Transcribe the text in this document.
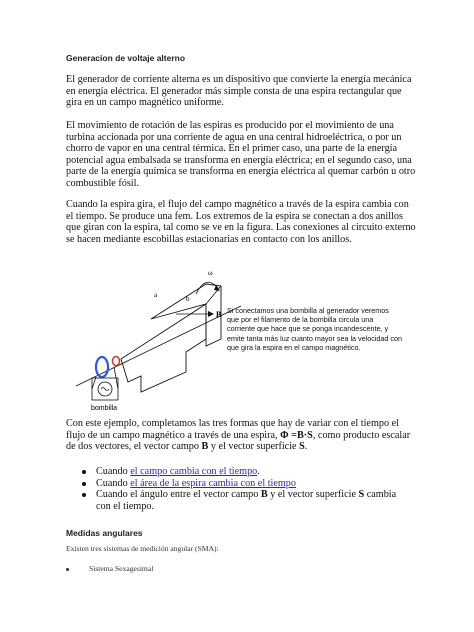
Generacion de voltaje alterno

El generador de corriente alterna es un dispositivo que convierte la energía mecánica en energía eléctrica. El generador más simple consta de una espira rectangular que gira en un campo magnético uniforme.

El movimiento de rotación de las espiras es producido por el movimiento de una turbina accionada por una corriente de agua en una central hidroeléctrica, o por un chorro de vapor en una central térmica. En el primer caso, una parte de la energía potencial agua embalsada se transforma en energía eléctrica; en el segundo caso, una parte de la energía química se transforma en energía eléctrica al quemar carbón u otro combustible fósil.

Cuando la espira gira, el flujo del campo magnético a través de la espira cambia con el tiempo. Se produce una fem. Los extremos de la espira se conectan a dos anillos que giran con la espira, tal como se ve en la figura. Las conexiones al circuito externo se hacen mediante escobillas estacionarias en contacto con los anillos.

B
ω
a	b
bombilla
Si conectamos una bombilla al generador veremos que por el filamento de la bombilla circula una corriente que hace que se ponga incandescente, y emite tanta más luz cuanto mayor sea la velocidad con que gira la espira en el campo magnético.

Con este ejemplo, completamos las tres formas que hay de variar con el tiempo el flujo de un campo magnético a través de una espira, Φ =B·S, como producto escalar de dos vectores, el vector campo B y el vector superficie S.

Cuando el campo cambia con el tiempo.
Cuando el área de la espira cambia con el tiempo
Cuando el ángulo entre el vector campo B y el vector superficie S cambia con el tiempo.
Medidas angulares
Existen tres sistemas de medición angular (SMA):
Sistema Sexagesimal
